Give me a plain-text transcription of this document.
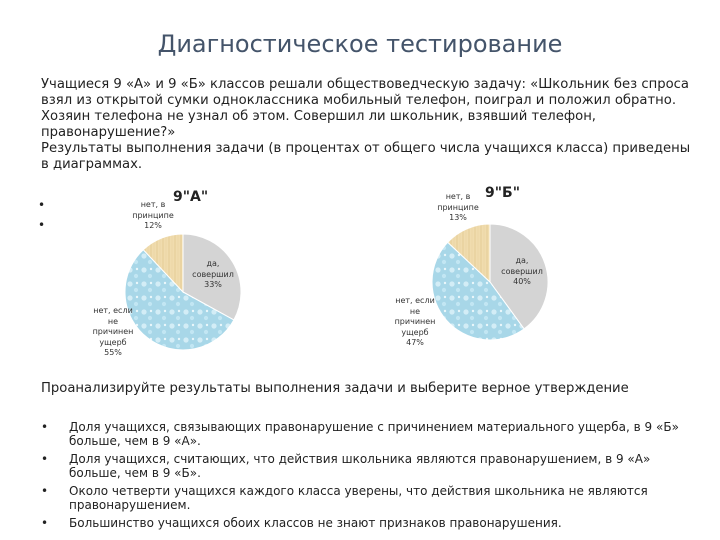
Диагностическое тестирование

Учащиеся 9 «А» и 9 «Б» классов решали обществоведческую задачу: «Школьник без спроса взял из открытой сумки одноклассника мобильный телефон, поиграл и положил обратно. Хозяин телефона не узнал об этом. Совершил ли школьник, взявший телефон, правонарушение?»

Результаты выполнения задачи (в процентах от общего числа учащихся класса) приведены в диаграммах.

•
•
9"А"
нет, в принципе 12%
да, совершил 33%
нет, если не причинен ущерб 55%
9"Б"
нет, в принципе 13%
да, совершил 40%
нет, если не причинен ущерб 47%
Проанализируйте результаты выполнения задачи и выберите верное утверждение
• Доля учащихся, связывающих правонарушение с причинением материального ущерба, в 9 «Б» больше, чем в 9 «А».
• Доля учащихся, считающих, что действия школьника являются правонарушением, в 9 «А» больше, чем в 9 «Б».
• Около четверти учащихся каждого класса уверены, что действия школьника не являются правонарушением.
• Большинство учащихся обоих классов не знают признаков правонарушения.
